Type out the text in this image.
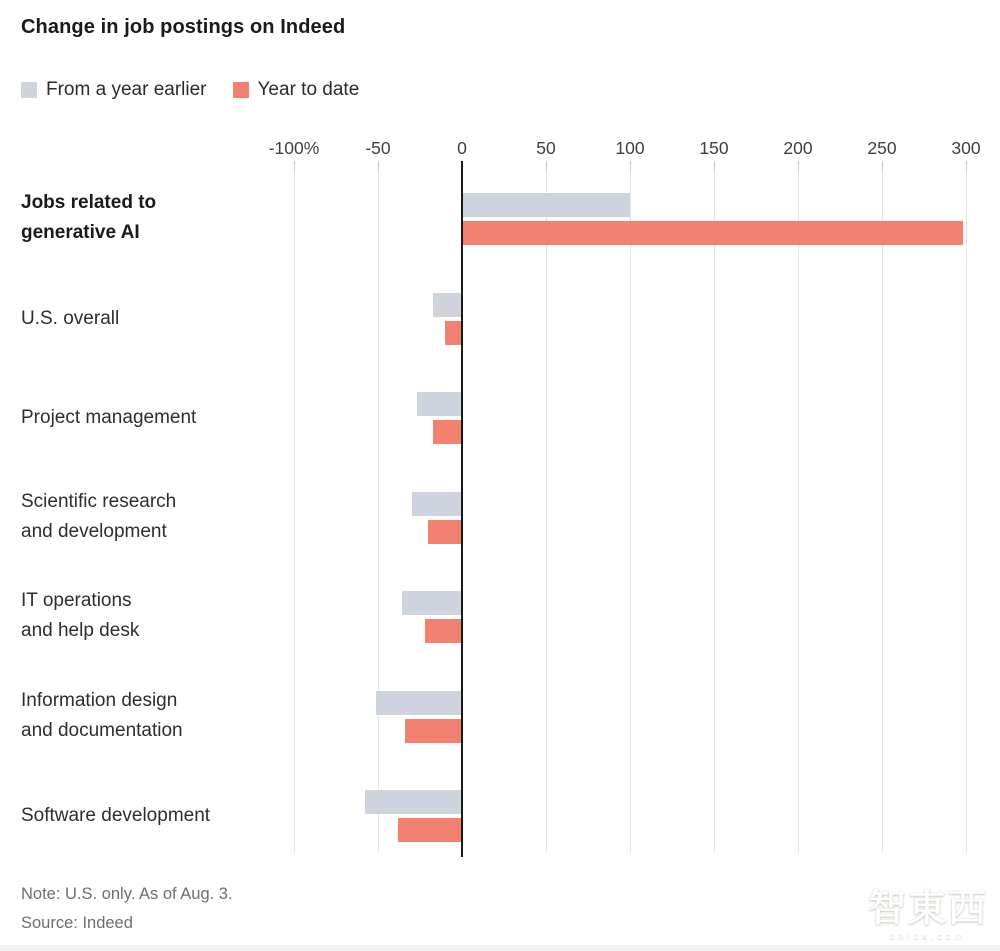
Change in job postings on Indeed
From a year earlier	Year to date
-100%	-50	0	50	100	150	200	250	300
Jobs related to
generative AI
U.S. overall
Project management
Scientific research
and development
IT operations
and help desk
Information design
and documentation
Software development
Note: U.S. only. As of Aug. 3.
Source: Indeed	智東西
zhidx.com
